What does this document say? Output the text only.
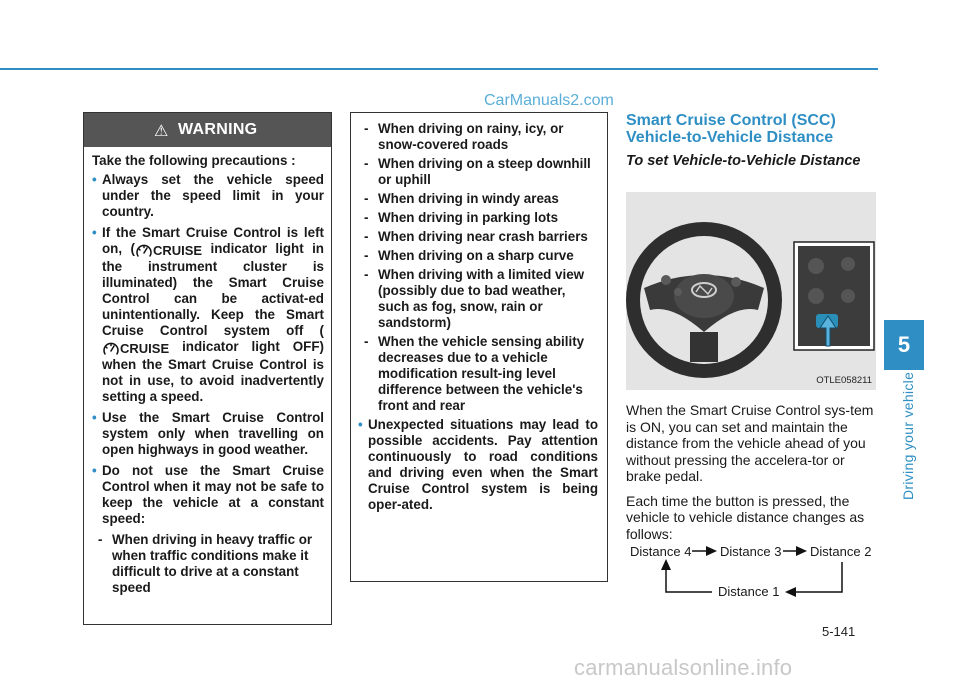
CarManuals2.com
⚠ WARNING

Take the following precautions :

• Always set the vehicle speed under the speed limit in your country.
• If the Smart Cruise Control is left on, ( CRUISE indicator light in the instrument cluster is illuminated) the Smart Cruise Control can be activat-ed unintentionally. Keep the Smart Cruise Control system off (CRUISE indicator light OFF) when the Smart Cruise Control is not in use, to avoid inadvertently setting a speed.
• Use the Smart Cruise Control system only when travelling on open highways in good weather.
• Do not use the Smart Cruise Control when it may not be safe to keep the vehicle at a constant speed:
- When driving in heavy traffic or when traffic conditions make it difficult to drive at a constant speed
- When driving on rainy, icy, or snow-covered roads
- When driving on a steep downhill or uphill
- When driving in windy areas
- When driving in parking lots
- When driving near crash barriers
- When driving on a sharp curve
- When driving with a limited view (possibly due to bad weather, such as fog, snow, rain or sandstorm)
- When the vehicle sensing ability decreases due to a vehicle modification result-ing level difference between the vehicle's front and rear
• Unexpected situations may lead to possible accidents. Pay attention continuously to road conditions and driving even when the Smart Cruise Control system is being oper-ated.
Smart Cruise Control (SCC) Vehicle-to-Vehicle Distance
To set Vehicle-to-Vehicle Distance
OTLE058211

When the Smart Cruise Control sys-tem is ON, you can set and maintain the distance from the vehicle ahead of you without pressing the accelera-tor or brake pedal.

Each time the button is pressed, the vehicle to vehicle distance changes as follows:

Distance 4 Distance 3 Distance 2
Distance 1
5-141
5
Driving your vehicle
carmanualsonline.info
